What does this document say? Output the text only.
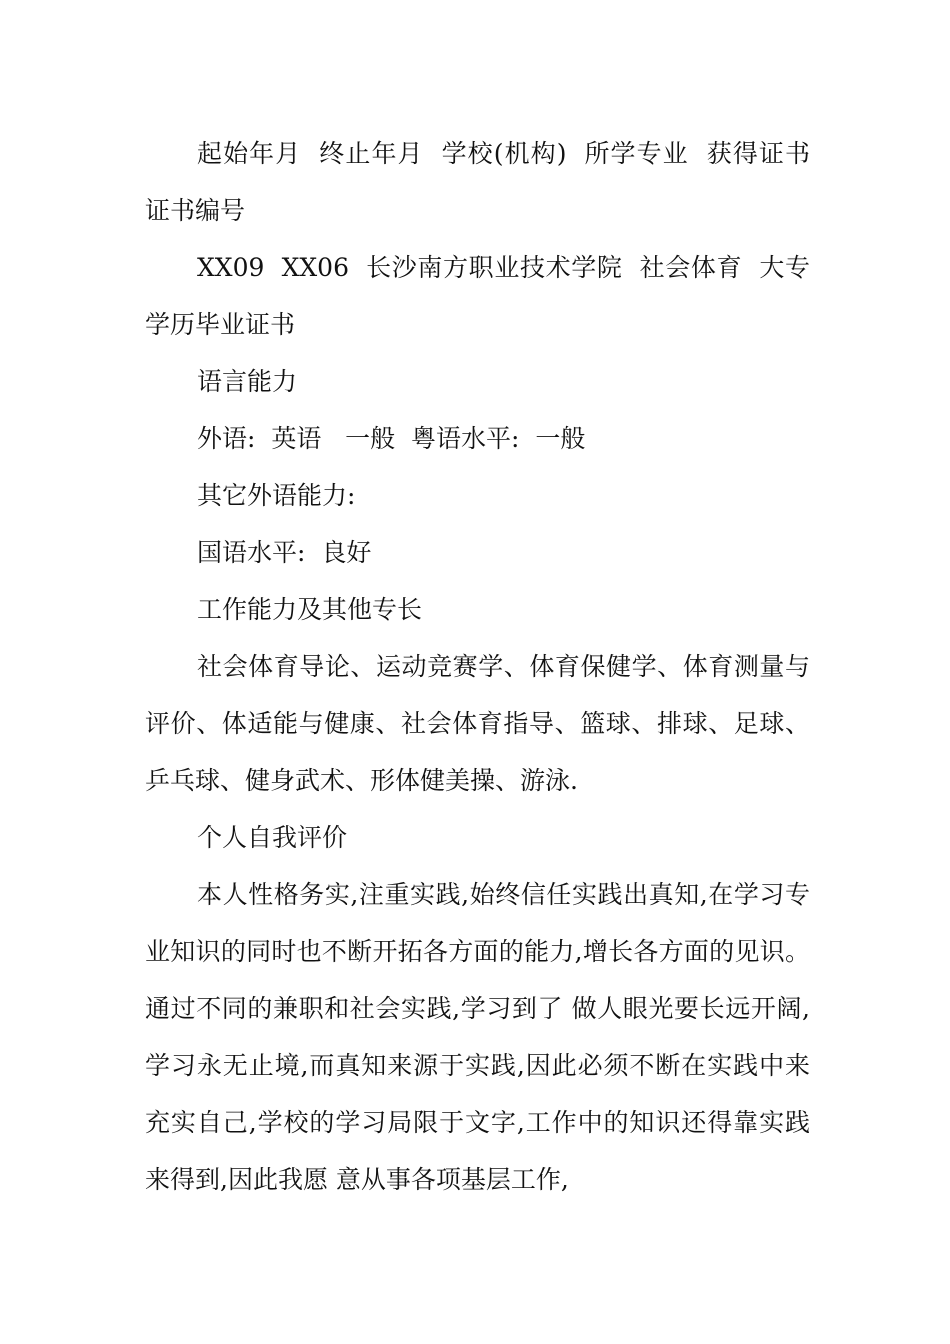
起始年月  终止年月  学校(机构)  所学专业  获得证书 证书编号

XX09  XX06  长沙南方职业技术学院  社会体育  大专学历毕业证书

语言能力

外语:  英语   一般  粤语水平:  一般

其它外语能力:

国语水平:  良好

工作能力及其他专长

社会体育导论、运动竞赛学、体育保健学、体育测量与评价、体适能与健康、社会体育指导、篮球、排球、足球、乒乓球、健身武术、形体健美操、游泳.

个人自我评价

本人性格务实,注重实践,始终信任实践出真知,在学习专业知识的同时也不断开拓各方面的能力,增长各方面的见识。通过不同的兼职和社会实践,学习到了 做人眼光要长远开阔,学习永无止境,而真知来源于实践,因此必须不断在实践中来充实自己,学校的学习局限于文字,工作中的知识还得靠实践来得到,因此我愿 意从事各项基层工作,
